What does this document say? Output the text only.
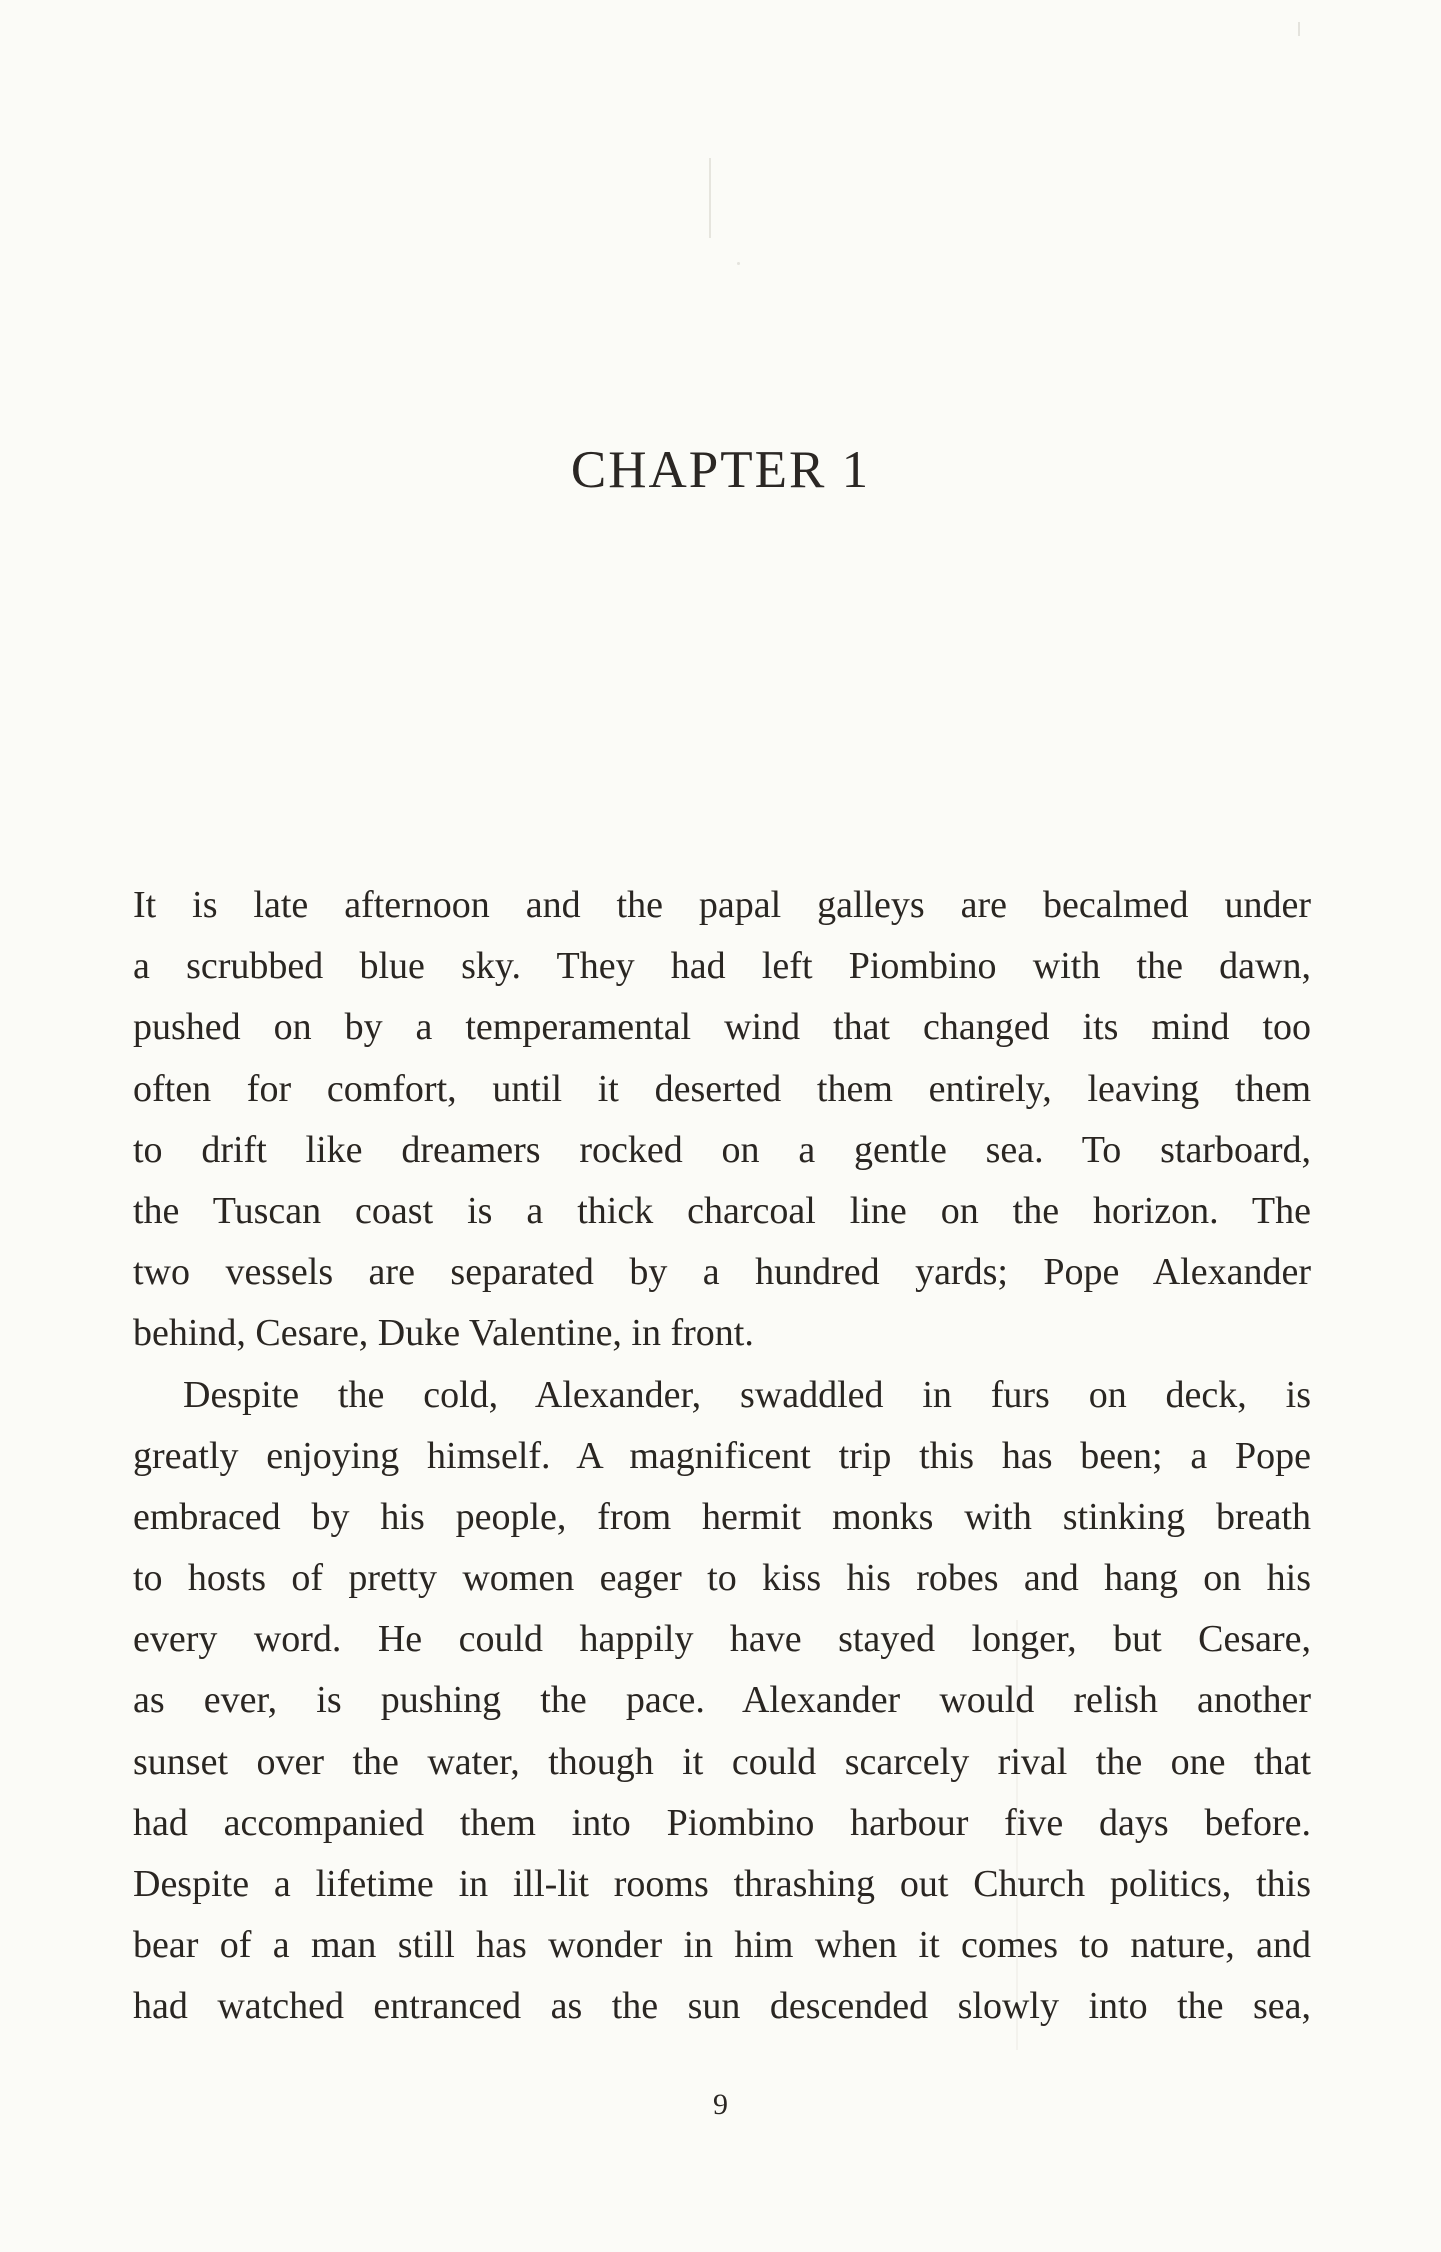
CHAPTER 1
It is late afternoon and the papal galleys are becalmed under
a scrubbed blue sky. They had left Piombino with the dawn,
pushed on by a temperamental wind that changed its mind too
often for comfort, until it deserted them entirely, leaving them
to drift like dreamers rocked on a gentle sea. To starboard,
the Tuscan coast is a thick charcoal line on the horizon. The
two vessels are separated by a hundred yards; Pope Alexander
behind, Cesare, Duke Valentine, in front.
Despite the cold, Alexander, swaddled in furs on deck, is
greatly enjoying himself. A magnificent trip this has been; a Pope
embraced by his people, from hermit monks with stinking breath
to hosts of pretty women eager to kiss his robes and hang on his
every word. He could happily have stayed longer, but Cesare,
as ever, is pushing the pace. Alexander would relish another
sunset over the water, though it could scarcely rival the one that
had accompanied them into Piombino harbour five days before.
Despite a lifetime in ill-lit rooms thrashing out Church politics, this
bear of a man still has wonder in him when it comes to nature, and
had watched entranced as the sun descended slowly into the sea,
9
